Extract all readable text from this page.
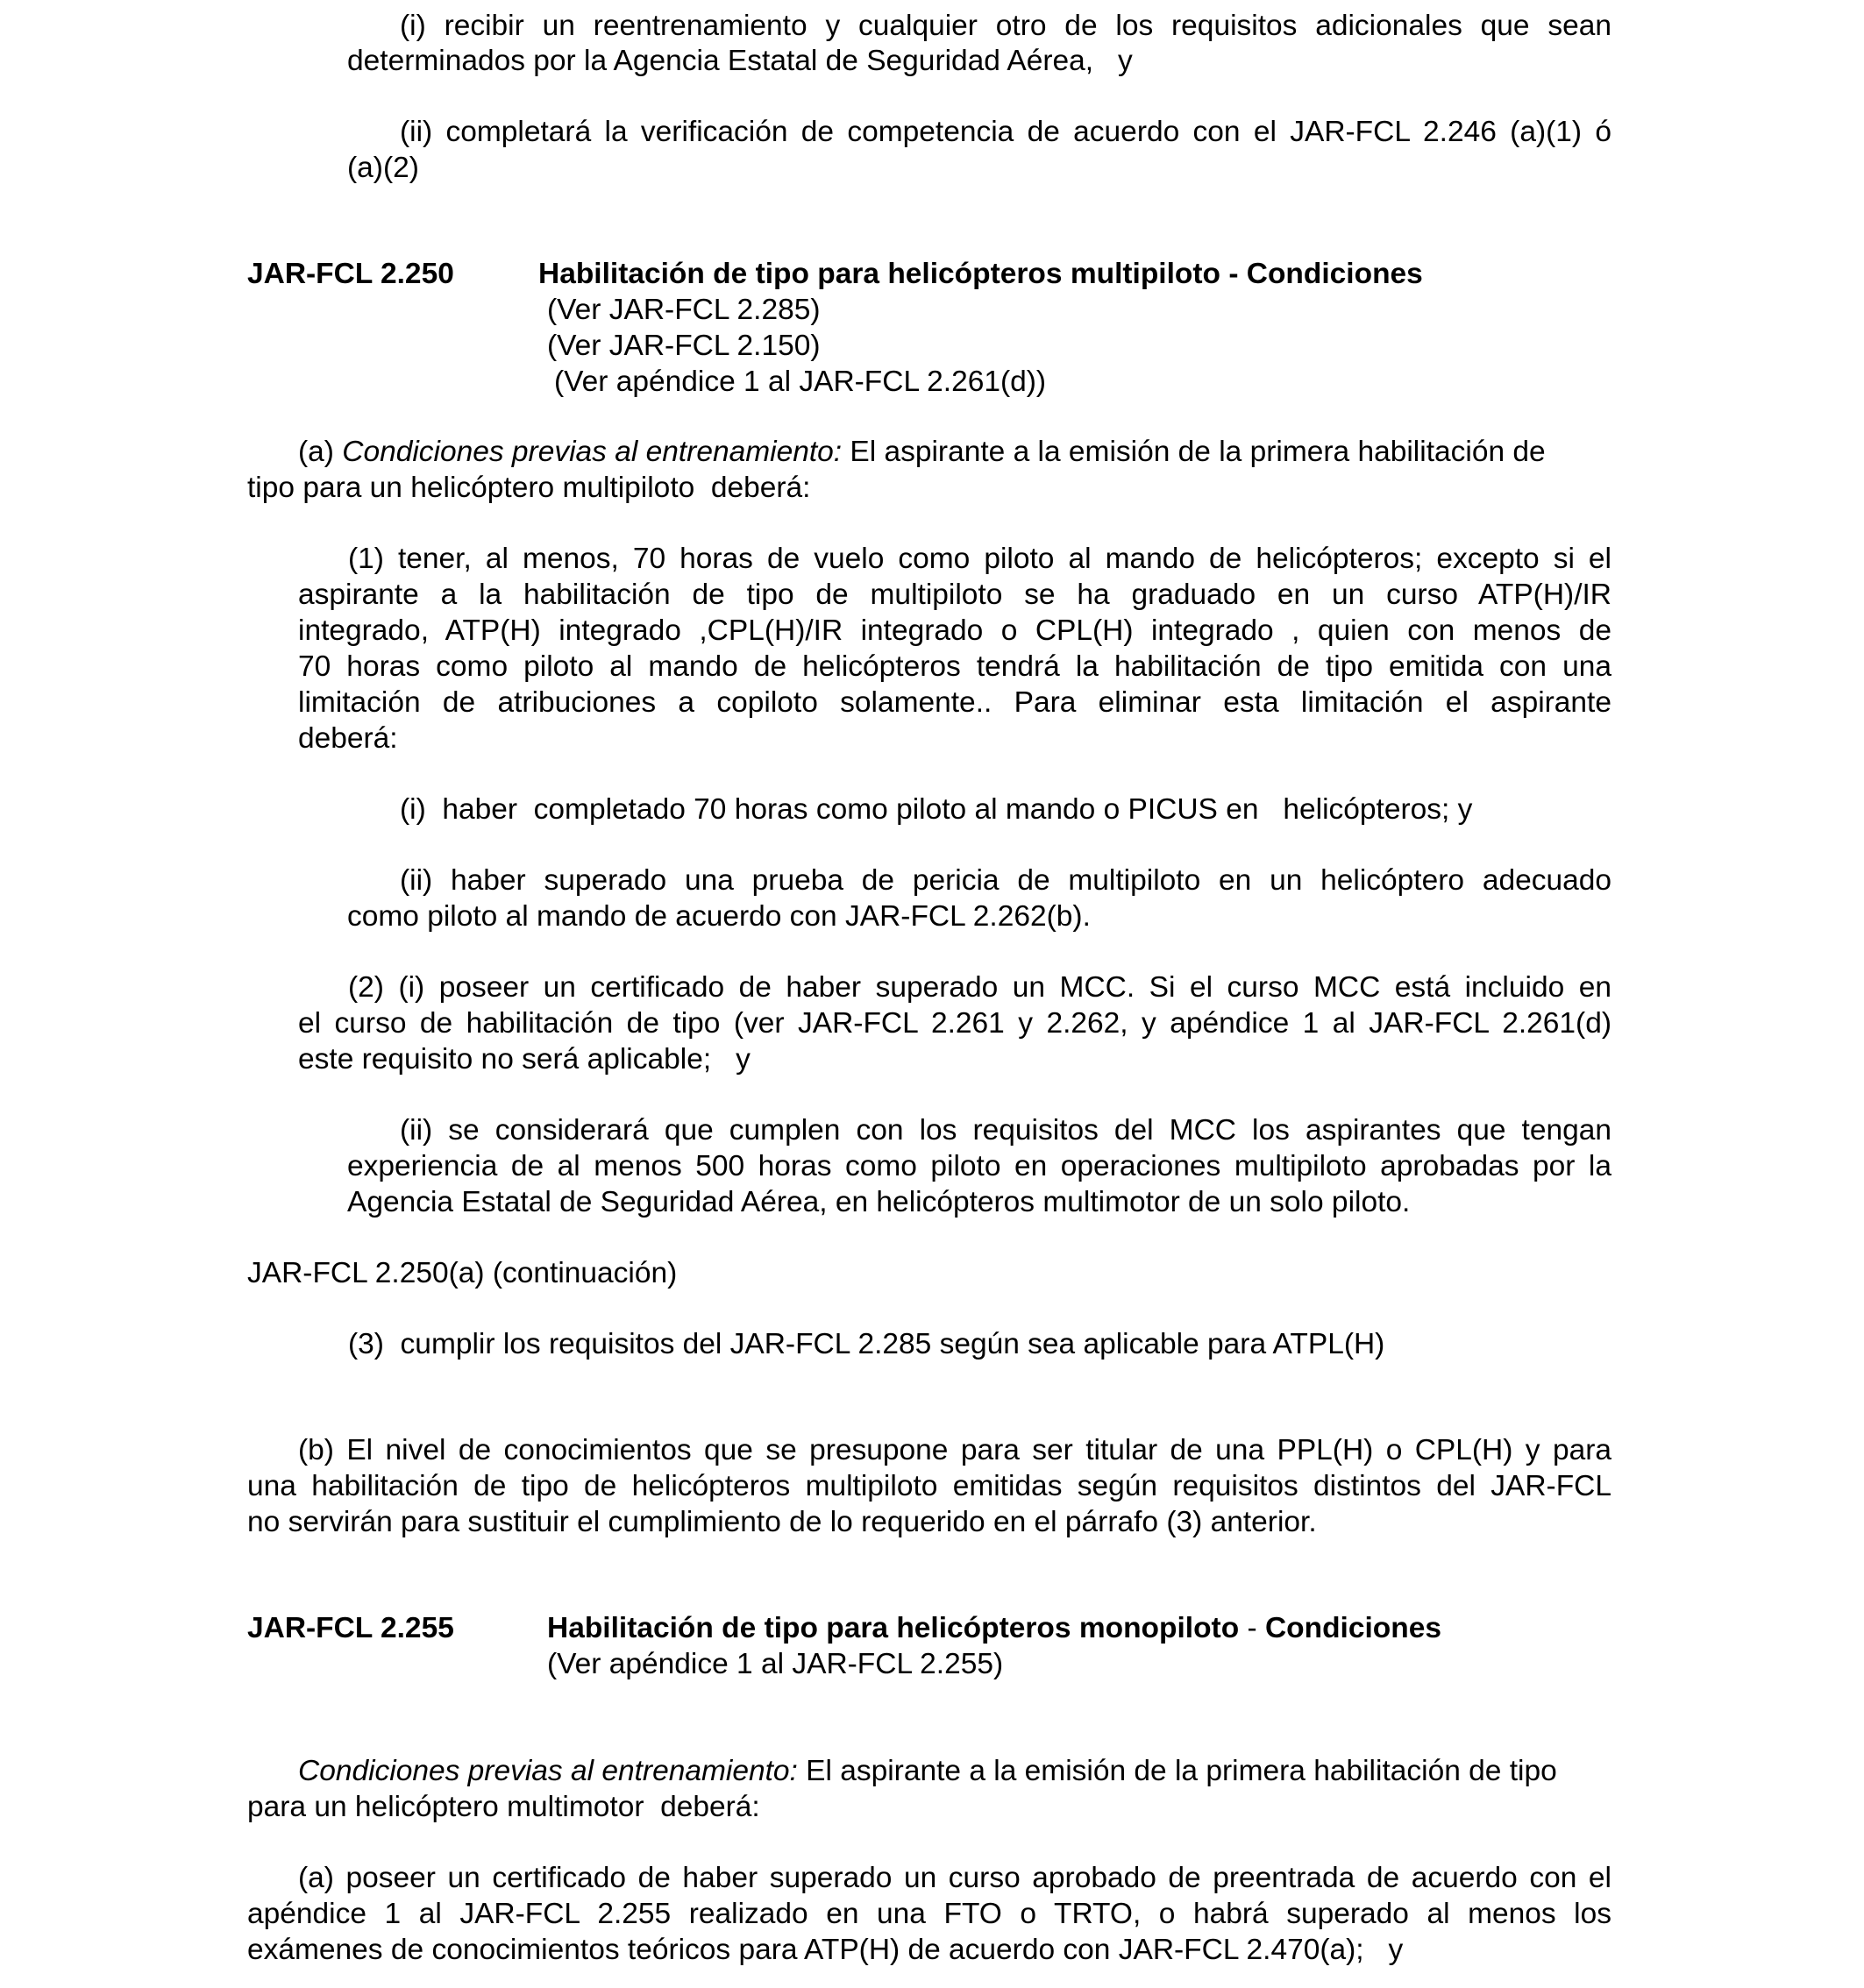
(i) recibir un reentrenamiento y cualquier otro de los requisitos adicionales que sean
determinados por la Agencia Estatal de Seguridad Aérea,   y
(ii) completará la verificación de competencia de acuerdo con el JAR-FCL 2.246 (a)(1) ó
(a)(2)
JAR-FCL 2.250	Habilitación de tipo para helicópteros multipiloto - Condiciones
(Ver JAR-FCL 2.285)
(Ver JAR-FCL 2.150)
(Ver apéndice 1 al JAR-FCL 2.261(d))
(a) Condiciones previas al entrenamiento: El aspirante a la emisión de la primera habilitación de
tipo para un helicóptero multipiloto  deberá:
(1) tener, al menos, 70 horas de vuelo como piloto al mando de helicópteros; excepto si el
aspirante a la habilitación de tipo de multipiloto se ha graduado en un curso ATP(H)/IR
integrado, ATP(H) integrado ,CPL(H)/IR integrado o CPL(H) integrado , quien con menos de
70 horas como piloto al mando de helicópteros tendrá la habilitación de tipo emitida con una
limitación de atribuciones a copiloto solamente.. Para eliminar esta limitación el aspirante
deberá:
(i)  haber  completado 70 horas como piloto al mando o PICUS en   helicópteros; y
(ii) haber superado una prueba de pericia de multipiloto en un helicóptero adecuado
como piloto al mando de acuerdo con JAR-FCL 2.262(b).
(2) (i) poseer un certificado de haber superado un MCC. Si el curso MCC está incluido en
el curso de habilitación de tipo (ver JAR-FCL 2.261 y 2.262, y apéndice 1 al JAR-FCL 2.261(d)
este requisito no será aplicable;   y
(ii) se considerará que cumplen con los requisitos del MCC los aspirantes que tengan
experiencia de al menos 500 horas como piloto en operaciones multipiloto aprobadas por la
Agencia Estatal de Seguridad Aérea, en helicópteros multimotor de un solo piloto.
JAR-FCL 2.250(a) (continuación)
(3)  cumplir los requisitos del JAR-FCL 2.285 según sea aplicable para ATPL(H)
(b) El nivel de conocimientos que se presupone para ser titular de una PPL(H) o CPL(H) y para
una habilitación de tipo de helicópteros multipiloto emitidas según requisitos distintos del JAR-FCL
no servirán para sustituir el cumplimiento de lo requerido en el párrafo (3) anterior.
JAR-FCL 2.255	Habilitación de tipo para helicópteros monopiloto - Condiciones
(Ver apéndice 1 al JAR-FCL 2.255)
Condiciones previas al entrenamiento: El aspirante a la emisión de la primera habilitación de tipo
para un helicóptero multimotor  deberá:
(a) poseer un certificado de haber superado un curso aprobado de preentrada de acuerdo con el
apéndice 1 al JAR-FCL 2.255 realizado en una FTO o TRTO, o habrá superado al menos los
exámenes de conocimientos teóricos para ATP(H) de acuerdo con JAR-FCL 2.470(a);   y
